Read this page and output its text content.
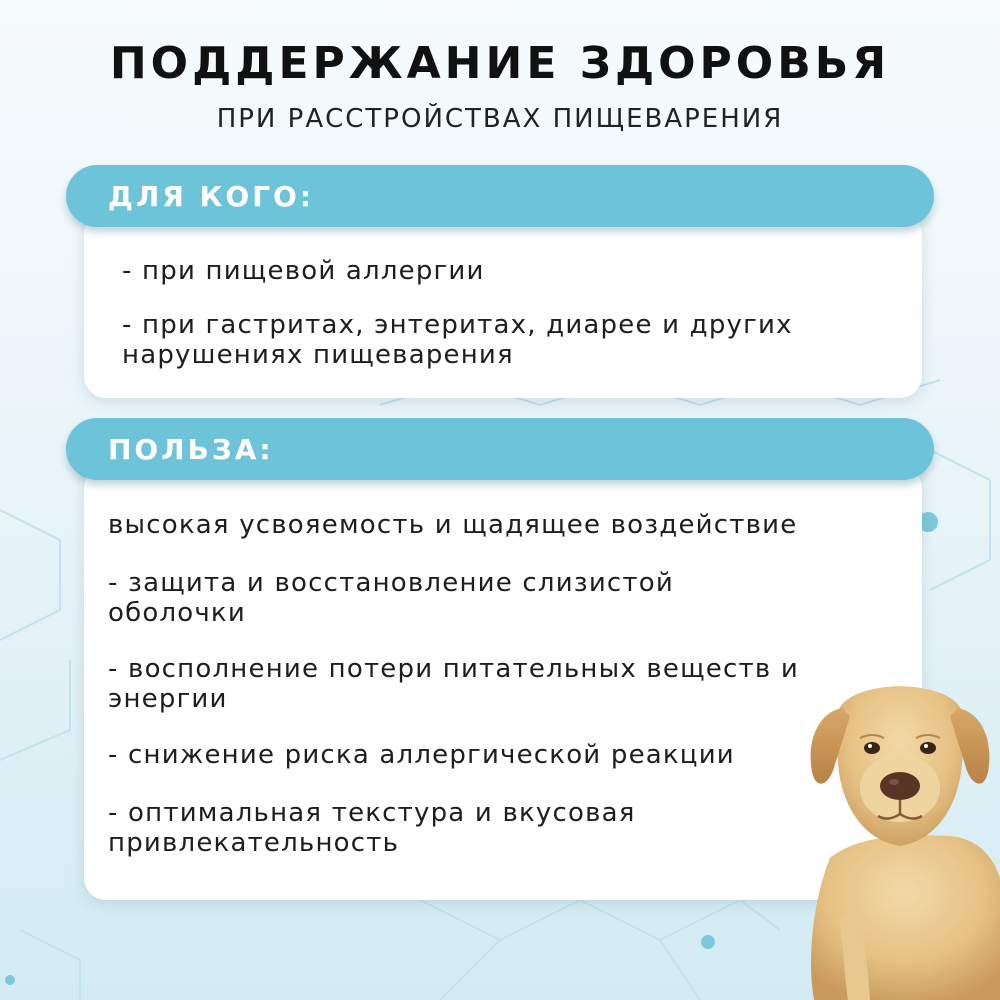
ПОДДЕРЖАНИЕ ЗДОРОВЬЯ
ПРИ РАССТРОЙСТВАХ ПИЩЕВАРЕНИЯ

- при пищевой аллергии

- при гастритах, энтеритах, диарее и других нарушениях пищеварения

ДЛЯ КОГО:

высокая усвояемость и щадящее воздействие

- защита и восстановление слизистой оболочки

- восполнение потери питательных веществ и энергии

- снижение риска аллергической реакции

- оптимальная текстура и вкусовая привлекательность

ПОЛЬЗА:
